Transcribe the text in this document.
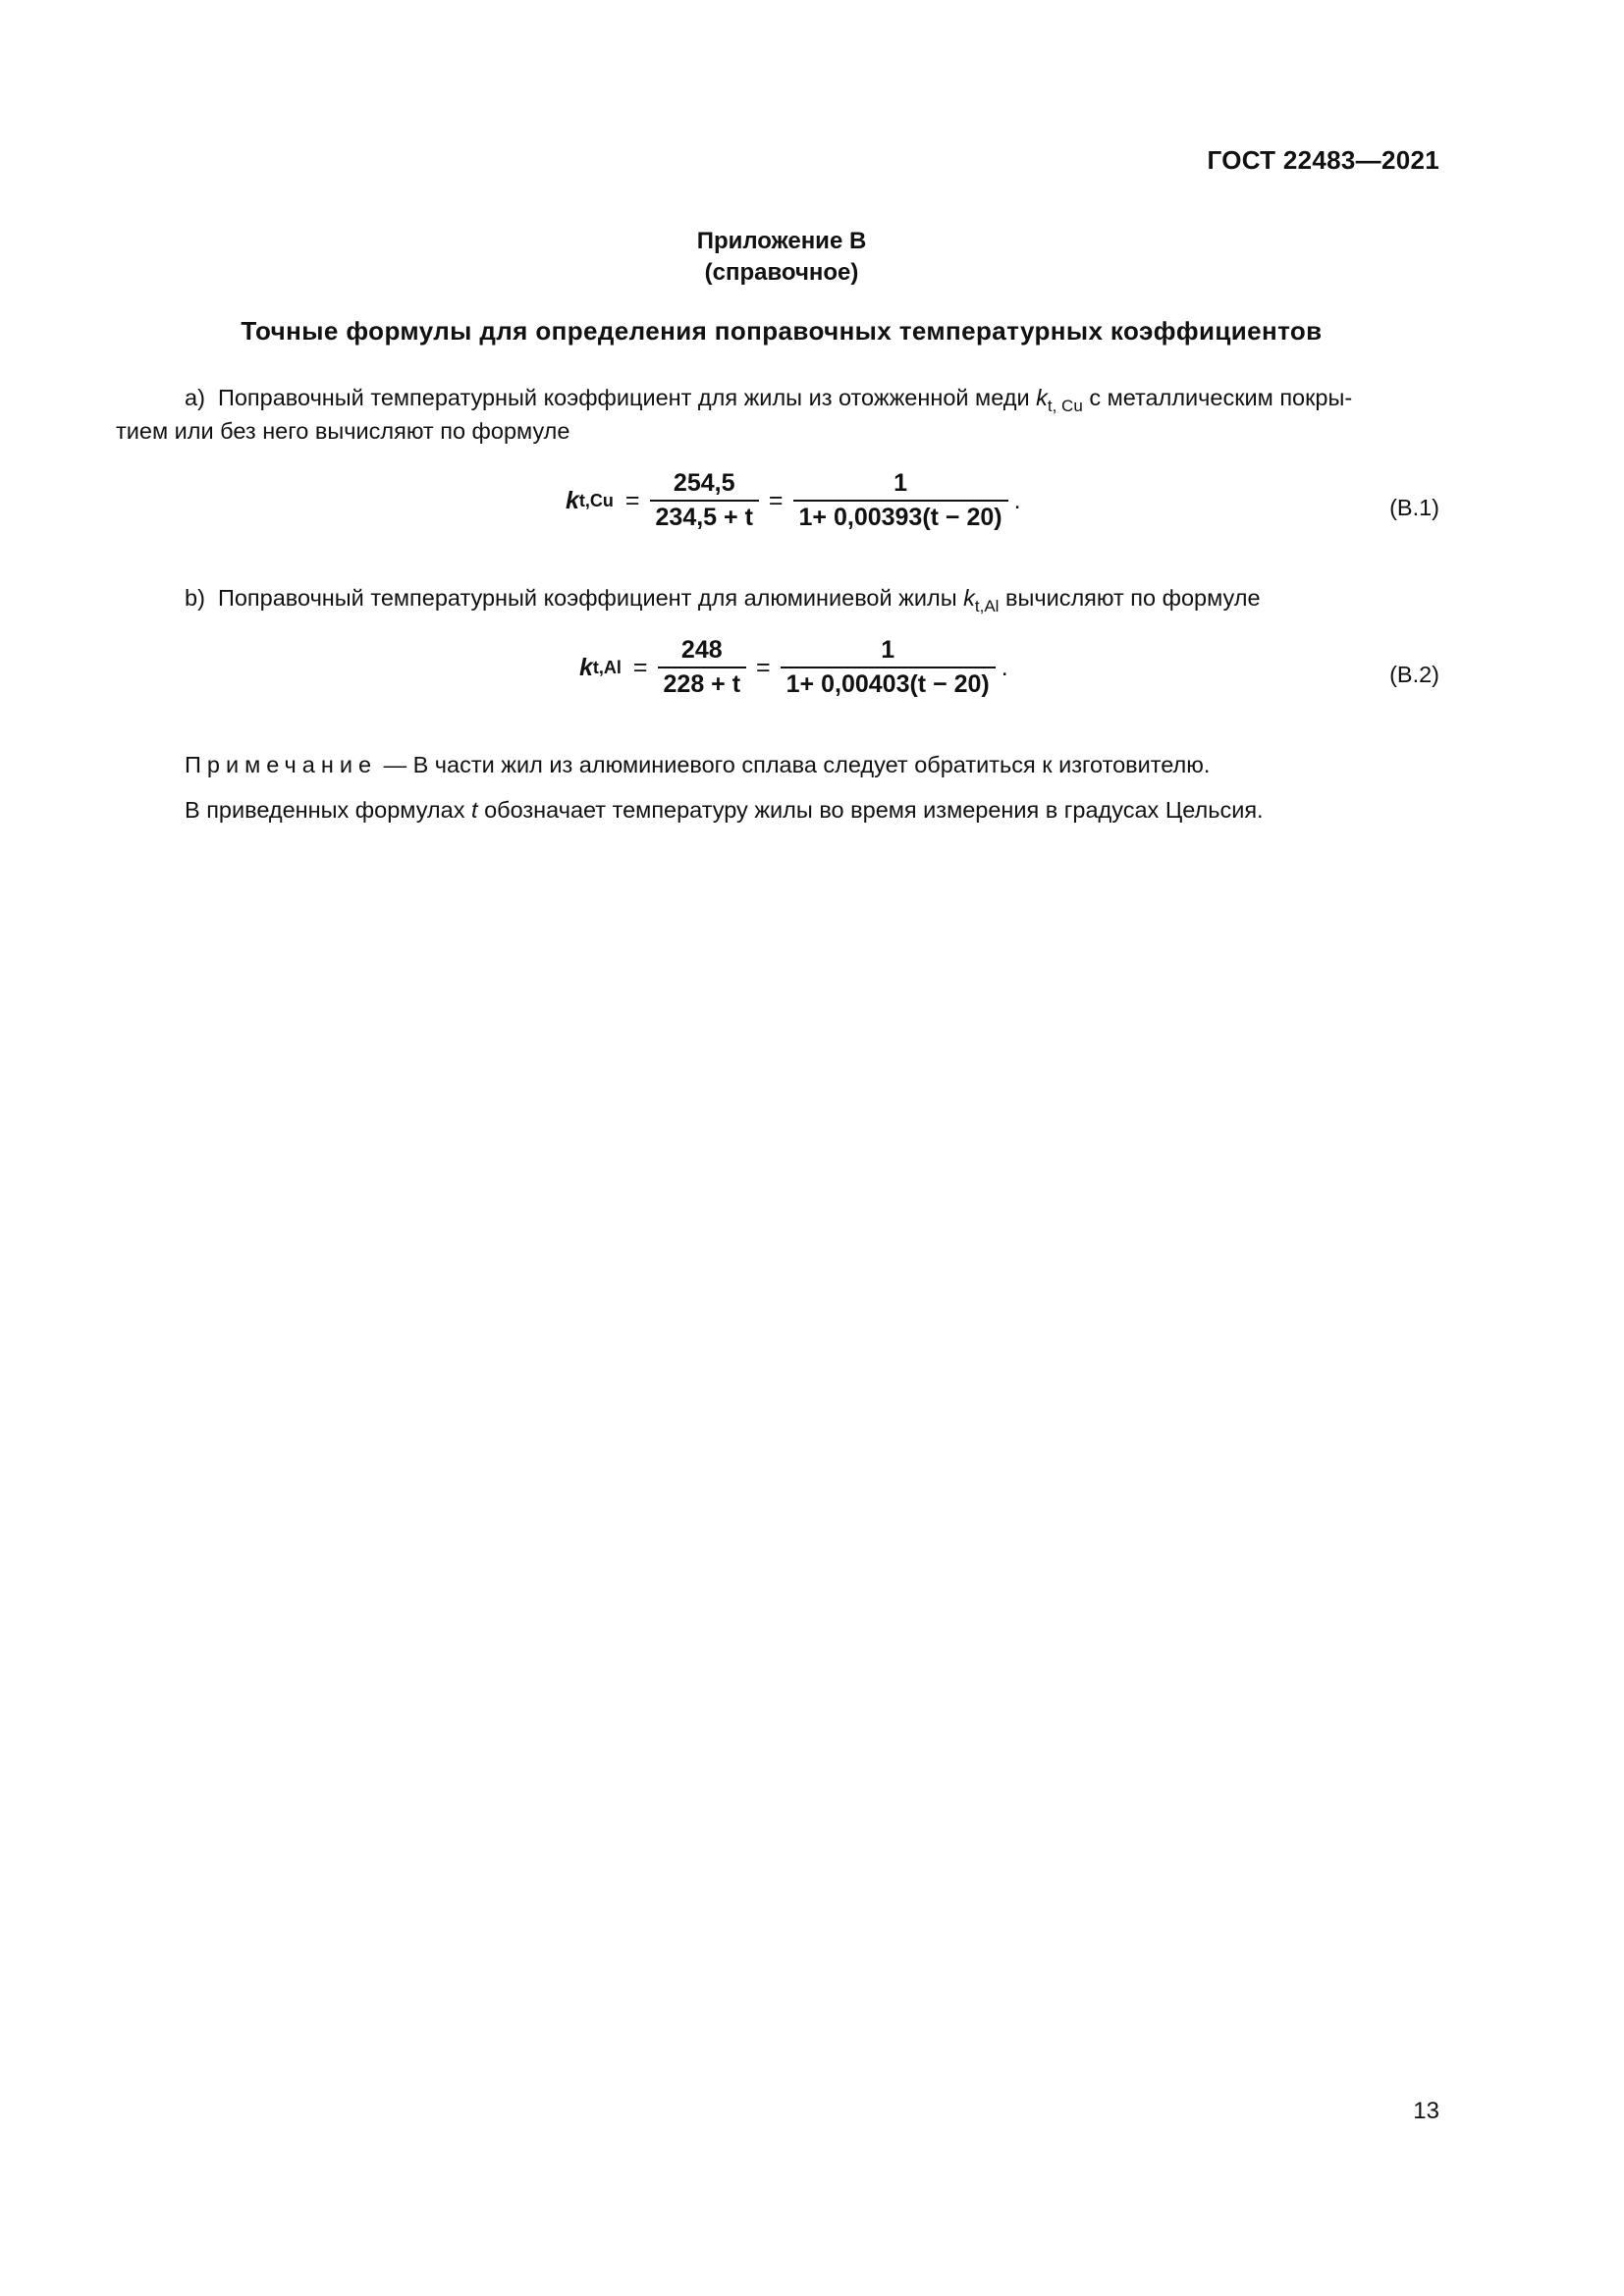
ГОСТ 22483—2021
Приложение В
(справочное)
Точные формулы для определения поправочных температурных коэффициентов
а) Поправочный температурный коэффициент для жилы из отожженной меди $k_{t, Cu}$ с металлическим покры-
тием или без него вычисляют по формуле
k $t,Cu = \frac{254,5}{234,5 + t} = \frac{1}{1+ 0,00393(t - 20)}$ .	(В.1)
b) Поправочный температурный коэффициент для алюминиевой жилы $k_{t,Al}$ вычисляют по формуле
k $t,Al = \frac{248}{228 + t} = \frac{1}{1+ 0,00403(t - 20)}$ .	(В.2)
Примечание — В части жил из алюминиевого сплава следует обратиться к изготовителю.
В приведенных формулах t обозначает температуру жилы во время измерения в градусах Цельсия.
13
